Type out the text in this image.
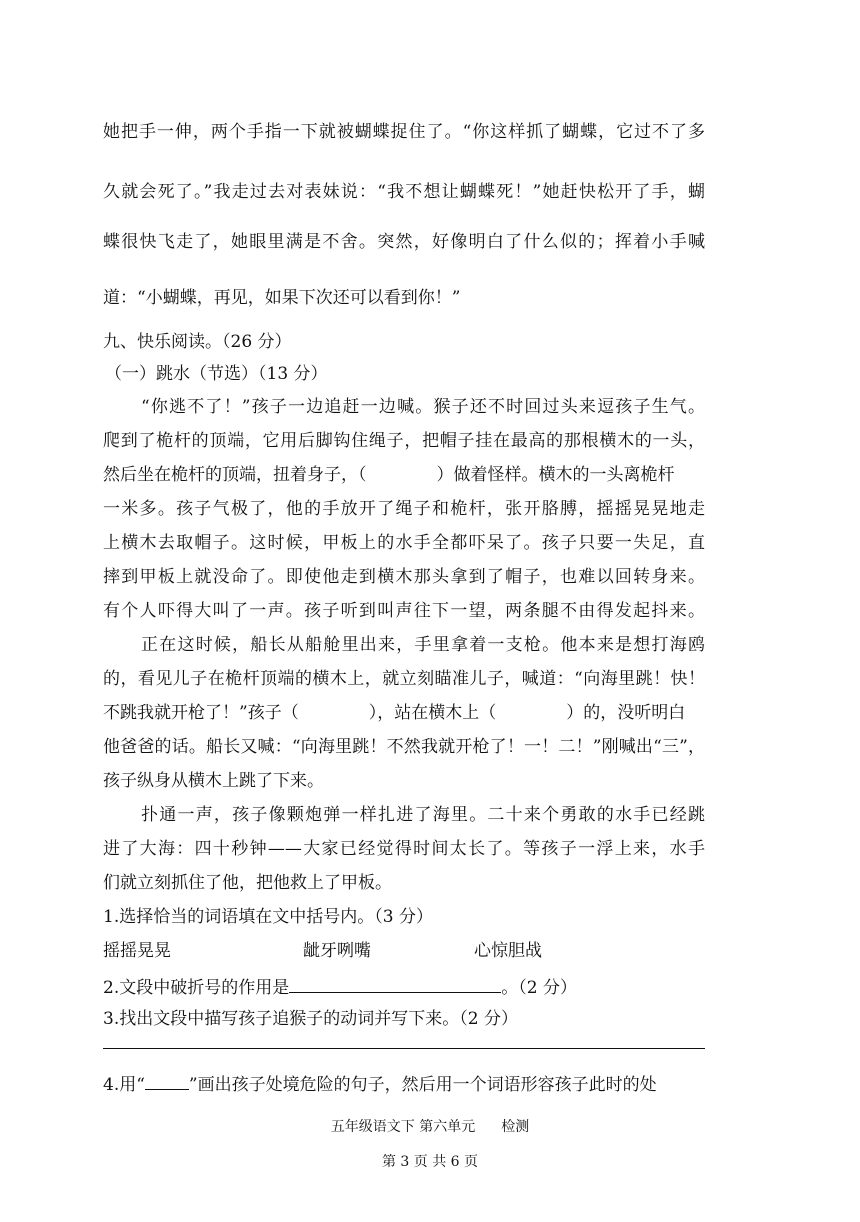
她把手一伸，两个手指一下就被蝴蝶捉住了。“你这样抓了蝴蝶，它过不了多
久就会死了。”我走过去对表妹说：“我不想让蝴蝶死！”她赶快松开了手，蝴
蝶很快飞走了，她眼里满是不舍。突然，好像明白了什么似的；挥着小手喊
道：“小蝴蝶，再见，如果下次还可以看到你！”
九、快乐阅读。（26 分）
（一）跳水（节选）（13 分）
“你逃不了！”孩子一边追赶一边喊。猴子还不时回过头来逗孩子生气。
爬到了桅杆的顶端，它用后脚钩住绳子，把帽子挂在最高的那根横木的一头，
然后坐在桅杆的顶端，扭着身子，（	）做着怪样。横木的一头离桅杆
一米多。孩子气极了，他的手放开了绳子和桅杆，张开胳膊，摇摇晃晃地走
上横木去取帽子。这时候，甲板上的水手全都吓呆了。孩子只要一失足，直
摔到甲板上就没命了。即使他走到横木那头拿到了帽子，也难以回转身来。
有个人吓得大叫了一声。孩子听到叫声往下一望，两条腿不由得发起抖来。
正在这时候，船长从船舱里出来，手里拿着一支枪。他本来是想打海鸥
的，看见儿子在桅杆顶端的横木上，就立刻瞄准儿子，喊道：“向海里跳！快！
不跳我就开枪了！”孩子（	），站在横木上（	）的，没听明白
他爸爸的话。船长又喊：“向海里跳！不然我就开枪了！一！二！”刚喊出“三”，
孩子纵身从横木上跳了下来。
扑通一声，孩子像颗炮弹一样扎进了海里。二十来个勇敢的水手已经跳
进了大海：四十秒钟——大家已经觉得时间太长了。等孩子一浮上来，水手
们就立刻抓住了他，把他救上了甲板。
1.选择恰当的词语填在文中括号内。（3 分）
摇摇晃晃	龇牙咧嘴	心惊胆战
2.文段中破折号的作用是	。（2 分）
3.找出文段中描写孩子追猴子的动词并写下来。（2 分）
4.用“	”画出孩子处境危险的句子，然后用一个词语形容孩子此时的处
五年级语文下 第六单元 检测
第 3 页 共 6 页
